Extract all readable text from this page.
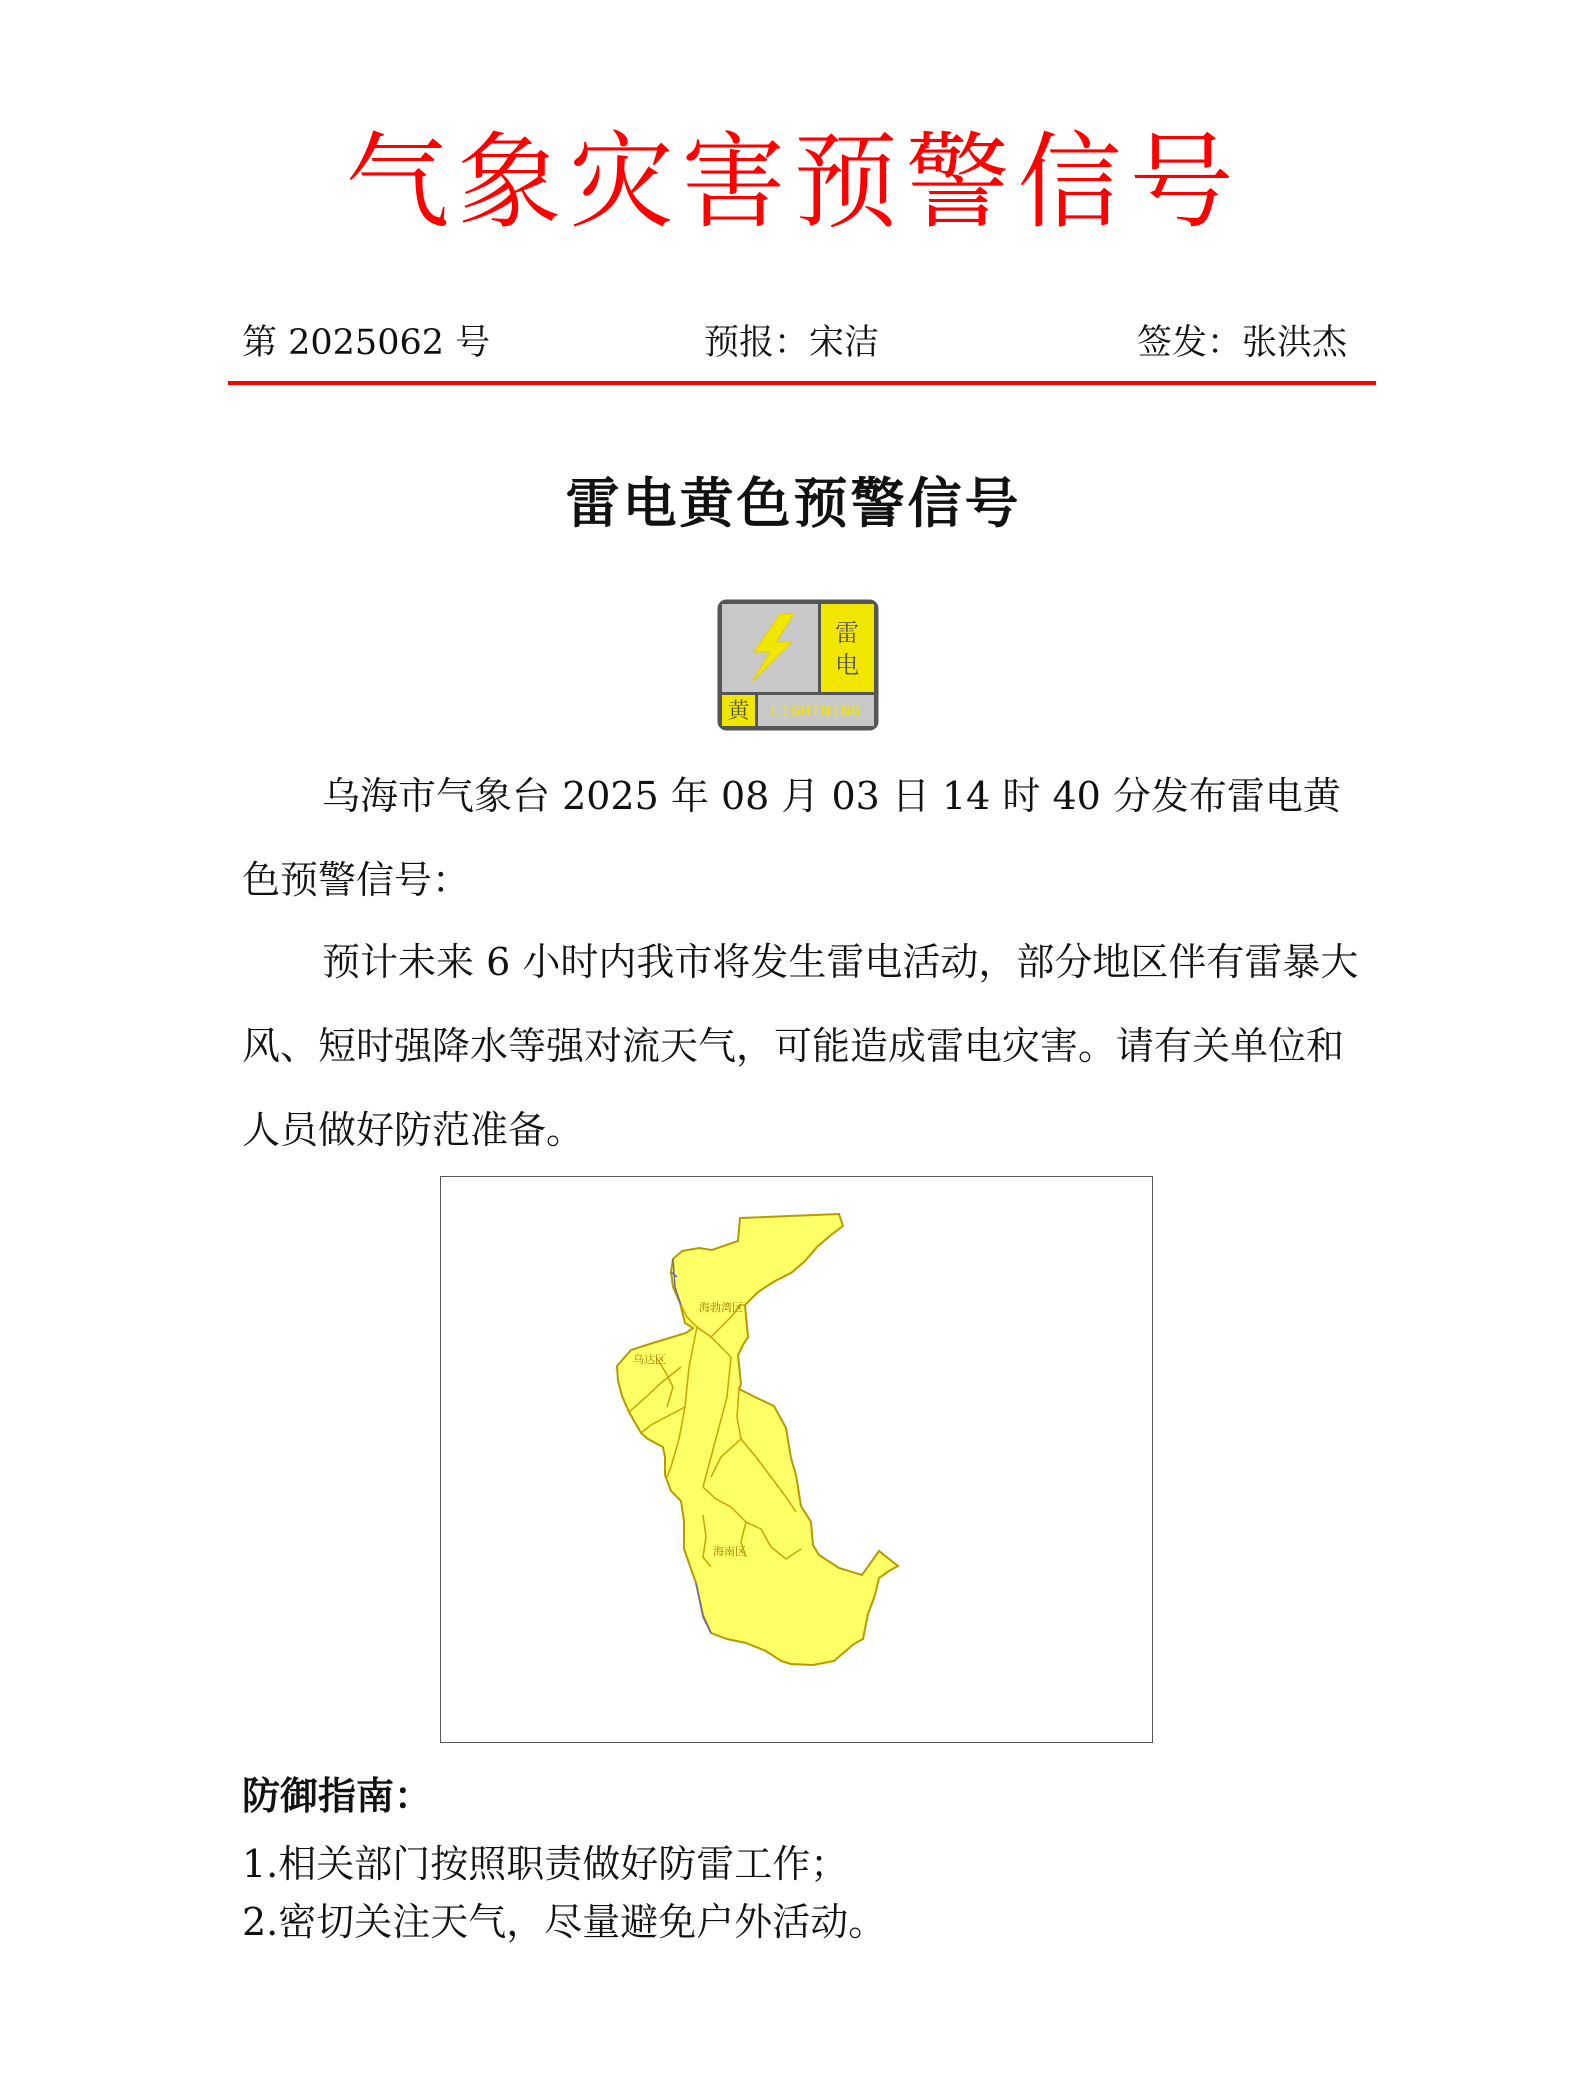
气象灾害预警信号
第 2025062 号	预报：宋洁	签发：张洪杰
雷电黄色预警信号
雷
电
黄 LIGHTNING
乌海市气象台 2025 年 08 月 03 日 14 时 40 分发布雷电黄色预警信号：
预计未来 6 小时内我市将发生雷电活动，部分地区伴有雷暴大风、短时强降水等强对流天气，可能造成雷电灾害。请有关单位和人员做好防范准备。
海勃湾区
乌达区
海南区
防御指南：
1.相关部门按照职责做好防雷工作；
2.密切关注天气，尽量避免户外活动。
